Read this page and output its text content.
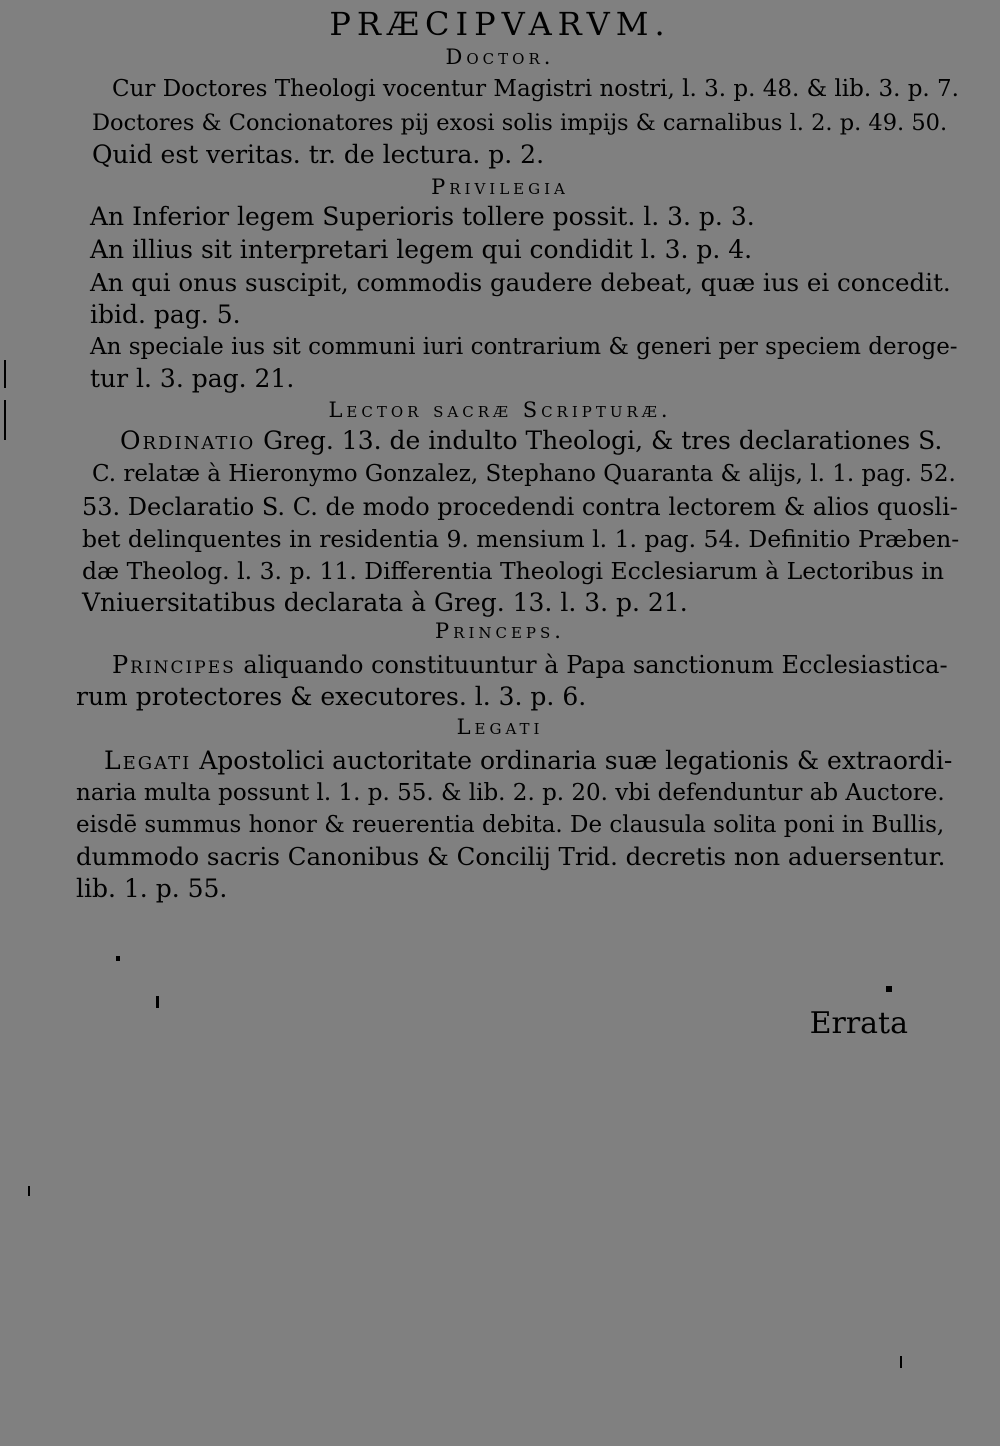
PRÆCIPVARVM.
Doctor.
Cur Doctores Theologi vocentur Magistri nostri, l. 3. p. 48. & lib. 3. p. 7.
Doctores & Concionatores pij exosi solis impijs & carnalibus l. 2. p. 49. 50.
Quid est veritas. tr. de lectura. p. 2.
Privilegia
An Inferior legem Superioris tollere possit. l. 3. p. 3.
An illius sit interpretari legem qui condidit l. 3. p. 4.
An qui onus suscipit, commodis gaudere debeat, quæ ius ei concedit.
ibid. pag. 5.
An speciale ius sit communi iuri contrarium & generi per speciem deroge-
tur l. 3. pag. 21.
Lector sacræ Scripturæ.
Ordinatio Greg. 13. de indulto Theologi, & tres declarationes S.
C. relatæ à Hieronymo Gonzalez, Stephano Quaranta & alijs, l. 1. pag. 52.
53. Declaratio S. C. de modo procedendi contra lectorem & alios quosli-
bet delinquentes in residentia 9. mensium l. 1. pag. 54. Definitio Præben-
dæ Theolog. l. 3. p. 11. Differentia Theologi Ecclesiarum à Lectoribus in
Vniuersitatibus declarata à Greg. 13. l. 3. p. 21.
Princeps.
Principes aliquando constituuntur à Papa sanctionum Ecclesiastica-
rum protectores & executores. l. 3. p. 6.
Legati
Legati Apostolici auctoritate ordinaria suæ legationis & extraordi-
naria multa possunt l. 1. p. 55. & lib. 2. p. 20. vbi defenduntur ab Auctore.
eisdē summus honor & reuerentia debita. De clausula solita poni in Bullis,
dummodo sacris Canonibus & Concilij Trid. decretis non aduersentur.
lib. 1. p. 55.
Errata
